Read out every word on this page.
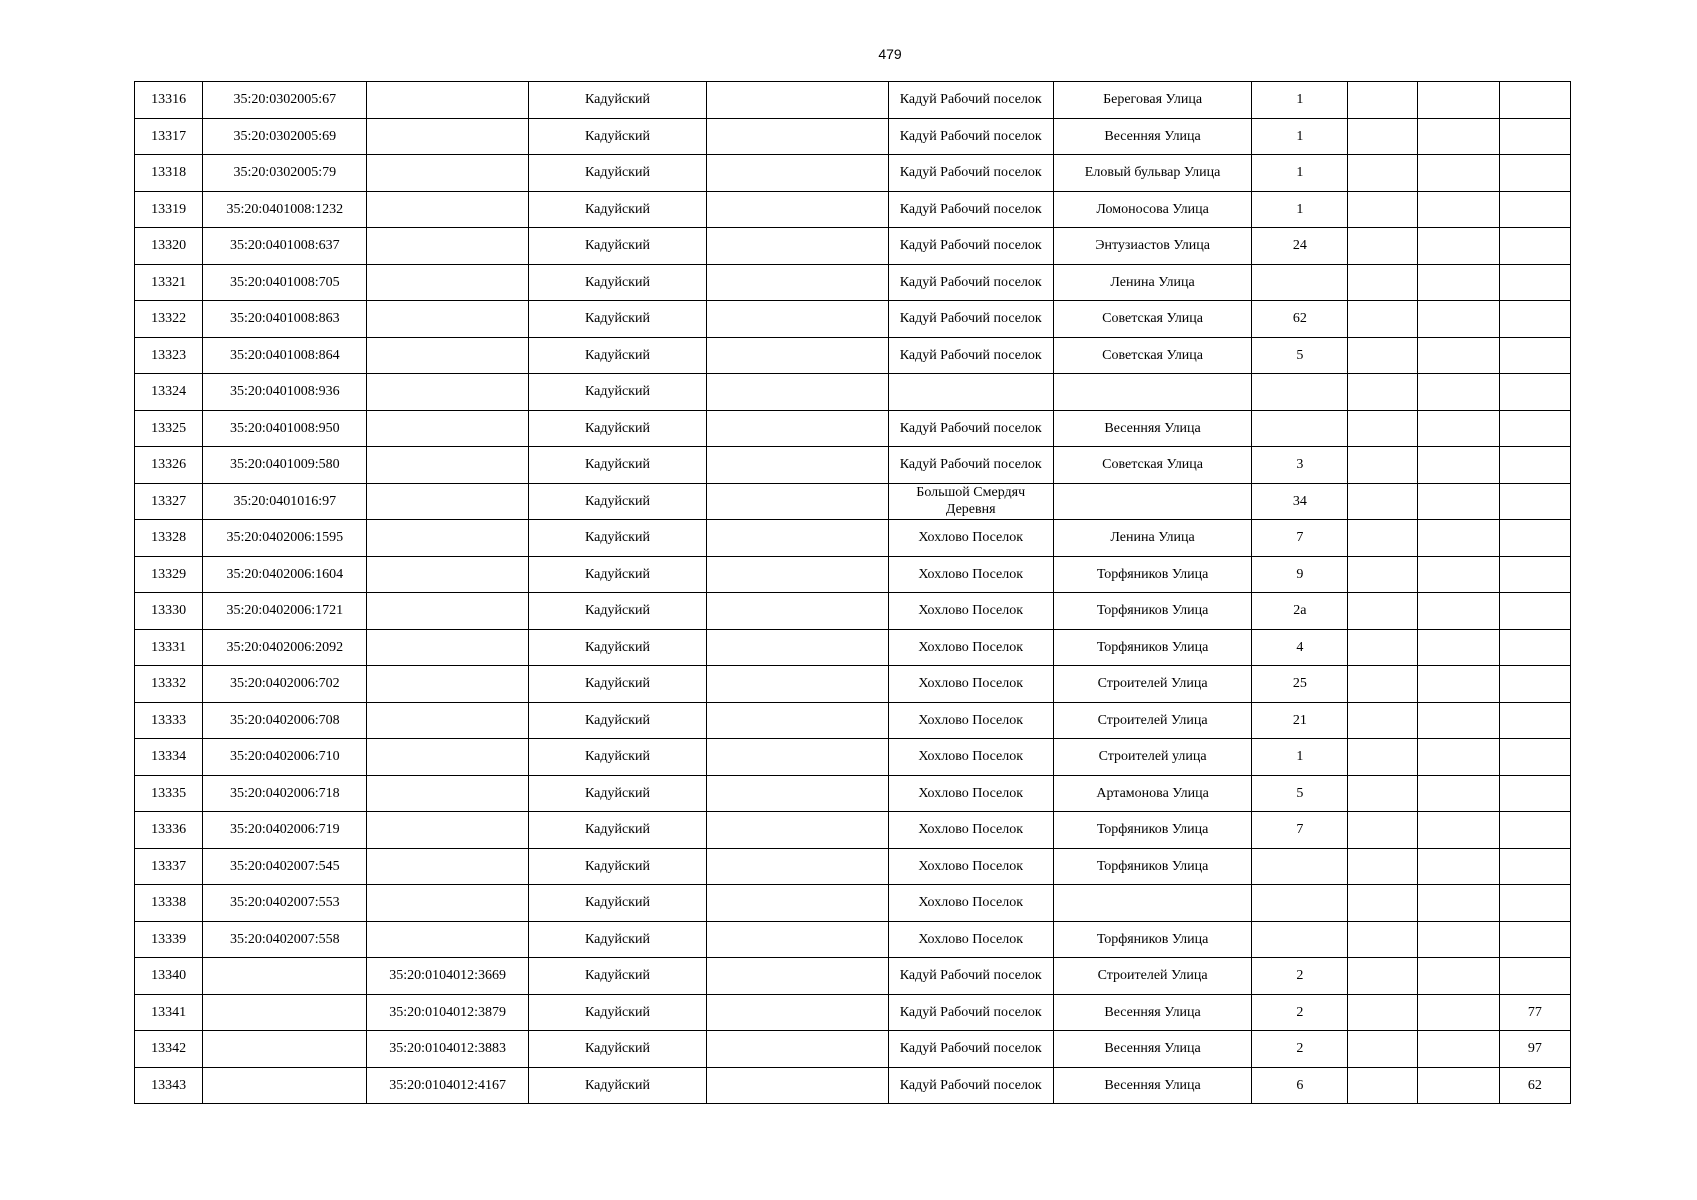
479
13316	35:20:0302005:67		Кадуйский		Кадуй Рабочий поселок	Береговая Улица	1			
13317	35:20:0302005:69		Кадуйский		Кадуй Рабочий поселок	Весенняя Улица	1			
13318	35:20:0302005:79		Кадуйский		Кадуй Рабочий поселок	Еловый бульвар Улица	1			
13319	35:20:0401008:1232		Кадуйский		Кадуй Рабочий поселок	Ломоносова Улица	1			
13320	35:20:0401008:637		Кадуйский		Кадуй Рабочий поселок	Энтузиастов Улица	24			
13321	35:20:0401008:705		Кадуйский		Кадуй Рабочий поселок	Ленина Улица				
13322	35:20:0401008:863		Кадуйский		Кадуй Рабочий поселок	Советская Улица	62			
13323	35:20:0401008:864		Кадуйский		Кадуй Рабочий поселок	Советская Улица	5			
13324	35:20:0401008:936		Кадуйский							
13325	35:20:0401008:950		Кадуйский		Кадуй Рабочий поселок	Весенняя Улица				
13326	35:20:0401009:580		Кадуйский		Кадуй Рабочий поселок	Советская Улица	3			
13327	35:20:0401016:97		Кадуйский		Большой Смердяч Деревня		34			
13328	35:20:0402006:1595		Кадуйский		Хохлово Поселок	Ленина Улица	7			
13329	35:20:0402006:1604		Кадуйский		Хохлово Поселок	Торфяников Улица	9			
13330	35:20:0402006:1721		Кадуйский		Хохлово Поселок	Торфяников Улица	2а			
13331	35:20:0402006:2092		Кадуйский		Хохлово Поселок	Торфяников Улица	4			
13332	35:20:0402006:702		Кадуйский		Хохлово Поселок	Строителей Улица	25			
13333	35:20:0402006:708		Кадуйский		Хохлово Поселок	Строителей Улица	21			
13334	35:20:0402006:710		Кадуйский		Хохлово Поселок	Строителей улица	1			
13335	35:20:0402006:718		Кадуйский		Хохлово Поселок	Артамонова Улица	5			
13336	35:20:0402006:719		Кадуйский		Хохлово Поселок	Торфяников Улица	7			
13337	35:20:0402007:545		Кадуйский		Хохлово Поселок	Торфяников Улица				
13338	35:20:0402007:553		Кадуйский		Хохлово Поселок					
13339	35:20:0402007:558		Кадуйский		Хохлово Поселок	Торфяников Улица				
13340		35:20:0104012:3669	Кадуйский		Кадуй Рабочий поселок	Строителей Улица	2			
13341		35:20:0104012:3879	Кадуйский		Кадуй Рабочий поселок	Весенняя Улица	2			77
13342		35:20:0104012:3883	Кадуйский		Кадуй Рабочий поселок	Весенняя Улица	2			97
13343		35:20:0104012:4167	Кадуйский		Кадуй Рабочий поселок	Весенняя Улица	6			62
